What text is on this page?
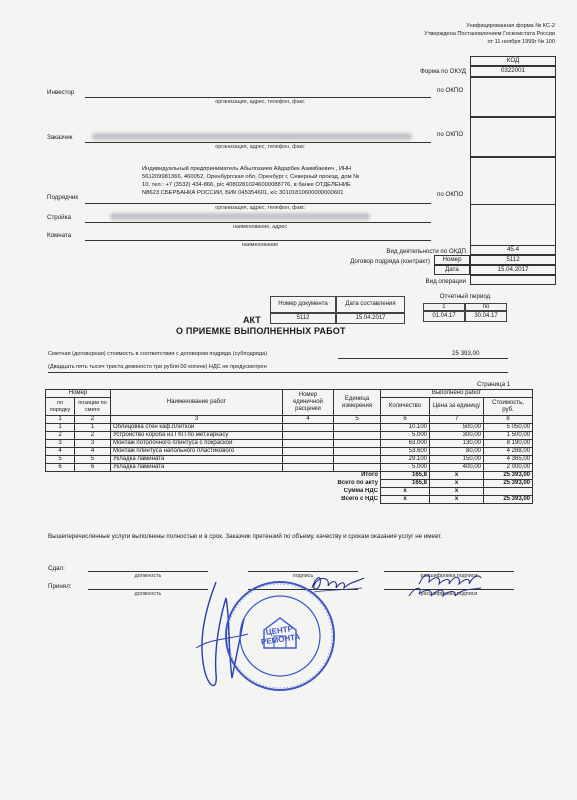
Унифицированная форма № КС-2
Утверждена Постановлением Госкомстата России
от 11 ноября 1999г № 100
КОД
0322001
45.4
Форма по ОКУД
по ОКПО
по ОКПО
по ОКПО
Инвестор
организация, адрес, телефон, факс
Заказчик
организация, адрес, телефон, факс
Индивидуальный предприниматель Абылгазиев Айдарбек Азимбаевич , ИНН
561209981366, 460052, Оренбургская обл, Оренбург г, Северный проезд, дом №
10, тел.: +7 (3532) 434-866, р/с 40802810246000088776, в банке ОТДЕЛЕНИЕ
N8623 СБЕРБАНКА РОССИИ, БИК 045354601, к/с 30101810600000000601
Подрядчик
организация, адрес, телефон, факс
Стройка
наименование, адрес
Комната
наименование
Вид деятельности по ОКДП
Договор подряда (контракт)	Номер
Дата
5112
15.04.2017
Вид операции
Номер документа	Дата составления
5112	15.04.2017
Отчетный период
с	по
01.04.17	30.04.17
АКТ
О ПРИЕМКЕ ВЫПОЛНЕННЫХ РАБОТ
Сметная (договорная) стоимость в соответствии с договором подряда (субподряда)	25 393,00
(Двадцать пять тысяч триста девяносто три рубля 00 копеек) НДС не предусмотрен
Страница 1
Номер		Наименование работ	Номер единичной расценки	Единица измерения	Выполнено работ		
по порядку	позиции по смете				Количество	Цена за единицу	Стоимость, руб.
1	2	3	4	5	6	7	8
1	1	Облицовка стен каф.плиткой			10.100	500,00	5 050,00
2	2	Устройство короба из ГКП по мет.каркасу			5.000	300,00	1 500,00
3	3	Монтаж потолочного плинтуса с покраской			63.000	130,00	8 190,00
4	4	Монтаж плинтуса напольного пластикового			53.600	80,00	4 288,00
5	5	Укладка ламината			29.100	150,00	4 365,00
6	6	Укладка ламината			5.000	400,00	2 000,00
Итого					165,8	х	25 393,00
Всего по акту					165,8	х	25 393,00
Сумма НДС					х	х	
Всего с НДС					х	х	25 393,00
Вышеперечисленные услуги выполнены полностью и в срок. Заказчик претензий по объему, качеству и срокам оказания услуг не имеет.
Сдал:
должность	подпись	расшифровка подписи
Принял:
должность	расшифровка подписи
ЦЕНТР РЕМОНТА
